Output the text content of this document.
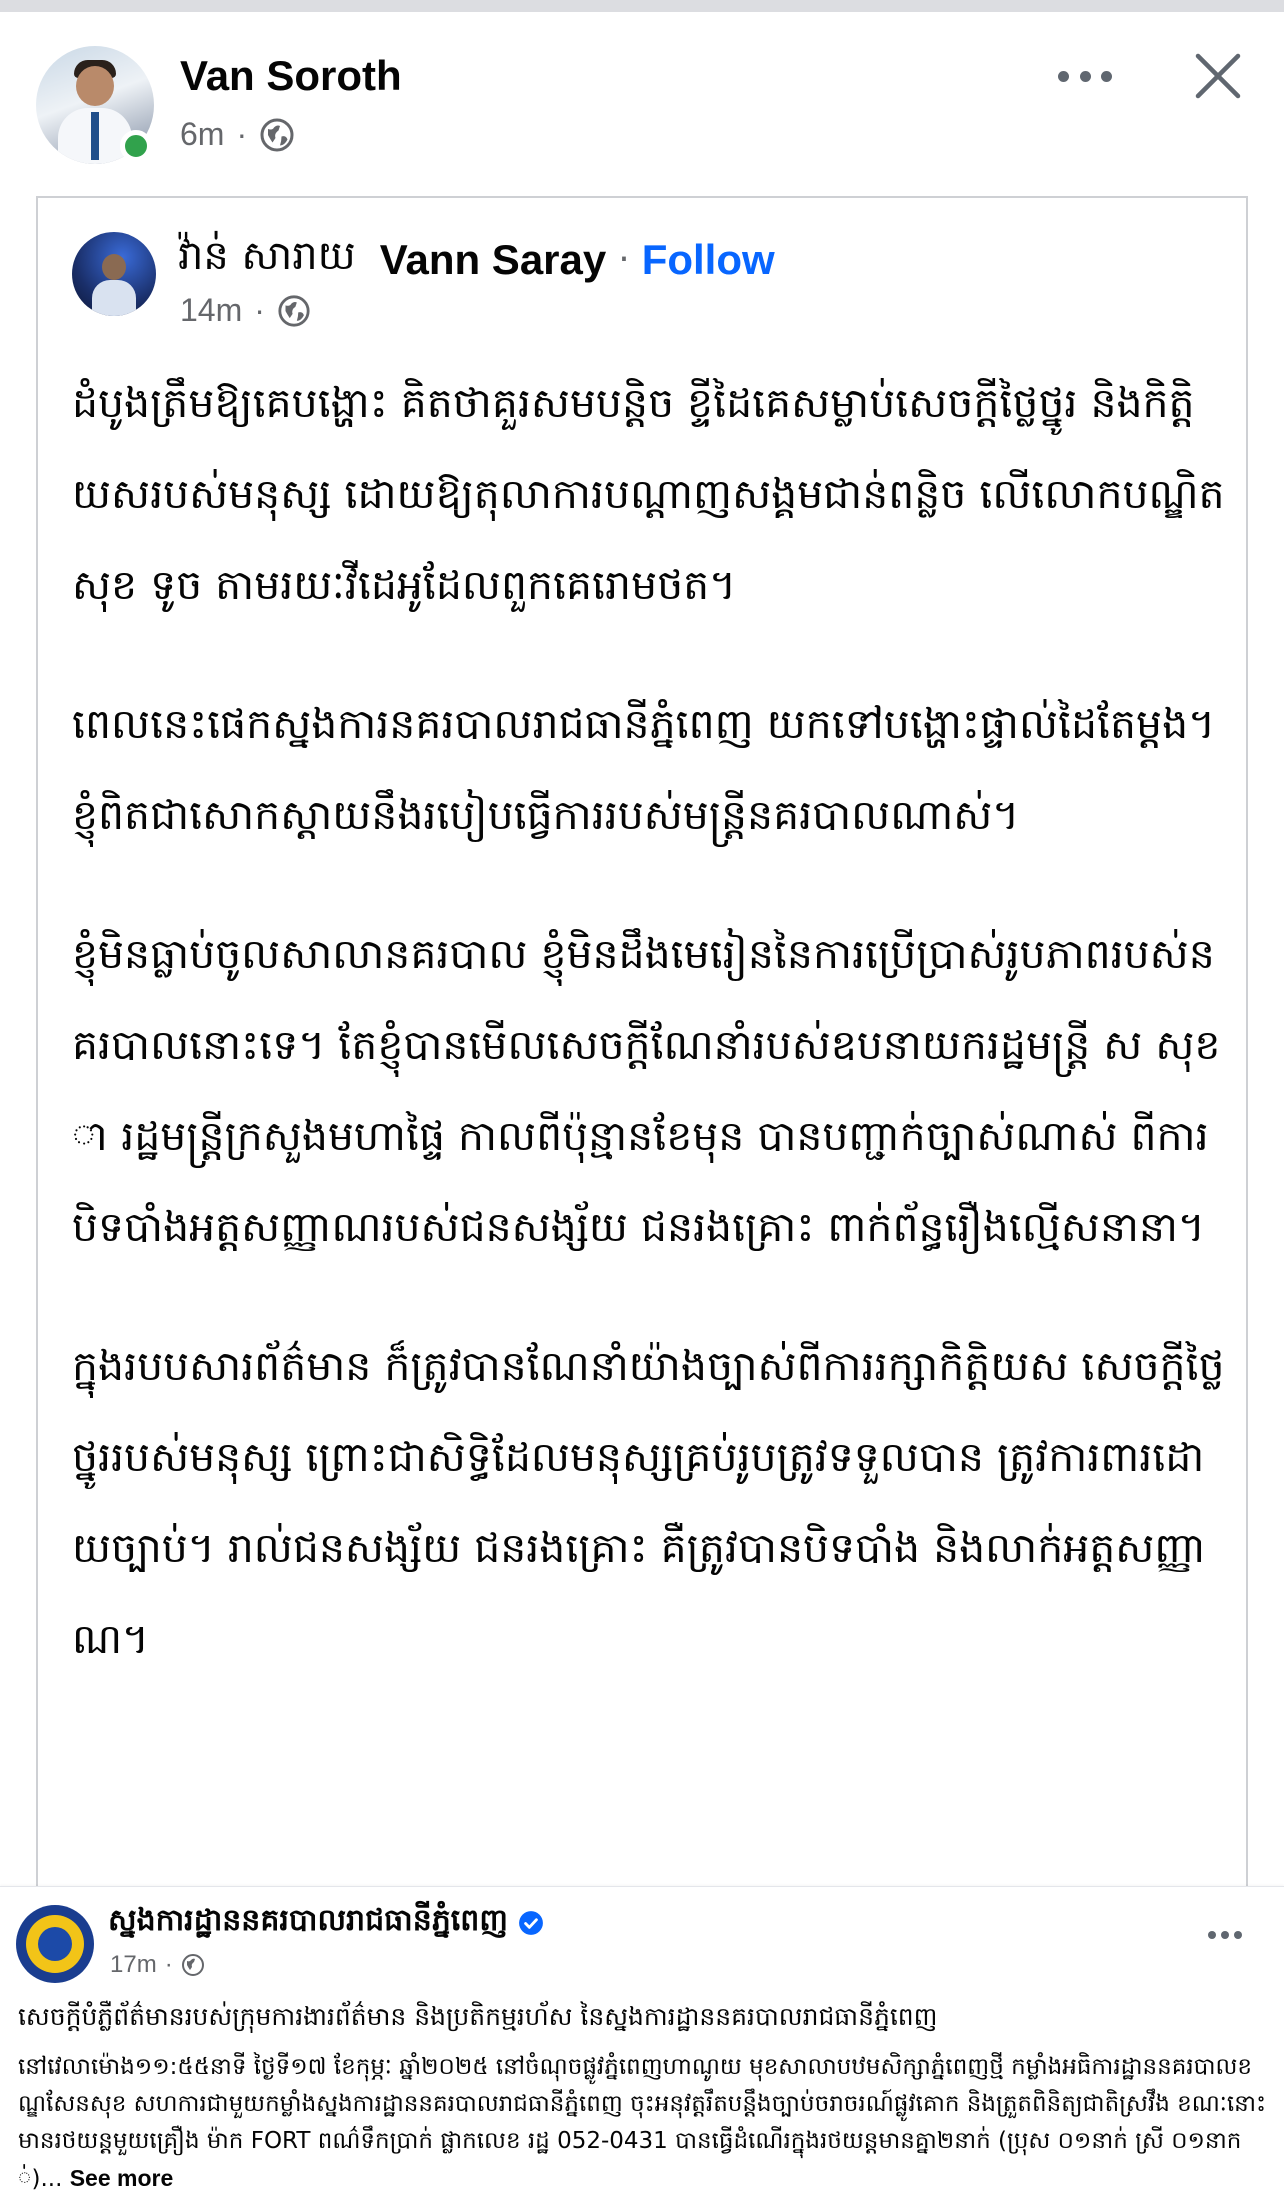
Van Soroth
6m ·
វ៉ាន់ សារាយ Vann Saray · Follow
14m ·

ដំបូងត្រឹមឱ្យគេបង្ហោះ គិតថាគួរសមបន្តិច ខ្ទីដៃគេសម្លាប់សេចក្តីថ្លៃថ្នូរ និងកិត្តិយសរបស់មនុស្ស ដោយឱ្យតុលាការបណ្តាញសង្គមជាន់ពន្លិច លើលោកបណ្ឌិត សុខ ទូច តាមរយៈវីដេអូដែលពួកគេរោមថត។

ពេលនេះផេកស្នងការនគរបាលរាជធានីភ្នំពេញ យកទៅបង្ហោះផ្ទាល់ដៃតែម្តង។ ខ្ញុំពិតជាសោកស្តាយនឹងរបៀបធ្វើការរបស់មន្ត្រីនគរបាលណាស់។

ខ្ញុំមិនធ្លាប់ចូលសាលានគរបាល ខ្ញុំមិនដឹងមេរៀននៃការប្រើប្រាស់រូបភាពរបស់នគរបាលនោះទេ។ តែខ្ញុំបានមើលសេចក្តីណែនាំរបស់ឧបនាយករដ្ឋមន្ត្រី ស សុខា រដ្ឋមន្ត្រីក្រសួងមហាផ្ទៃ កាលពីប៉ុន្មានខែមុន បានបញ្ជាក់ច្បាស់ណាស់ ពីការបិទបាំងអត្តសញ្ញាណរបស់ជនសង្ស័យ ជនរងគ្រោះ ពាក់ព័ន្ធរឿងល្មើសនានា។

ក្នុងរបបសារព័ត៌មាន ក៏ត្រូវបានណែនាំយ៉ាងច្បាស់ពីការរក្សាកិត្តិយស សេចក្តីថ្លៃថ្នូររបស់មនុស្ស ព្រោះជាសិទ្ធិដែលមនុស្សគ្រប់រូបត្រូវទទួលបាន ត្រូវការពារដោយច្បាប់។ រាល់ជនសង្ស័យ ជនរងគ្រោះ គឺត្រូវបានបិទបាំង និងលាក់អត្តសញ្ញាណ។

ស្នងការដ្ឋាននគរបាលរាជធានីភ្នំពេញ
17m ·
សេចក្តីបំភ្លឺព័ត៌មានរបស់ក្រុមការងារព័ត៌មាន និងប្រតិកម្មរហ័ស នៃស្នងការដ្ឋាននគរបាលរាជធានីភ្នំពេញ
នៅវេលាម៉ោង១១:៥៥នាទី ថ្ងៃទី១៧ ខែកុម្ភៈ ឆ្នាំ២០២៥ នៅចំណុចផ្លូវភ្នំពេញហាណូយ មុខសាលាបឋមសិក្សាភ្នំពេញថ្មី កម្លាំងអធិការដ្ឋាននគរបាលខណ្ឌសែនសុខ សហការជាមួយកម្លាំងស្នងការដ្ឋាននគរបាលរាជធានីភ្នំពេញ ចុះអនុវត្តរឹតបន្តឹងច្បាប់ចរាចរណ៍ផ្លូវគោក និងត្រួតពិនិត្យជាតិស្រវឹង ខណៈនោះមានរថយន្តមួយគ្រឿង ម៉ាក FORT ពណ៌ទឹកប្រាក់ ផ្លាកលេខ រដ្ឋ 052-0431 បានធ្វើដំណើរក្នុងរថយន្តមានគ្នា២នាក់ (ប្រុស ០១នាក់ ស្រី ០១នាក់)... See more
